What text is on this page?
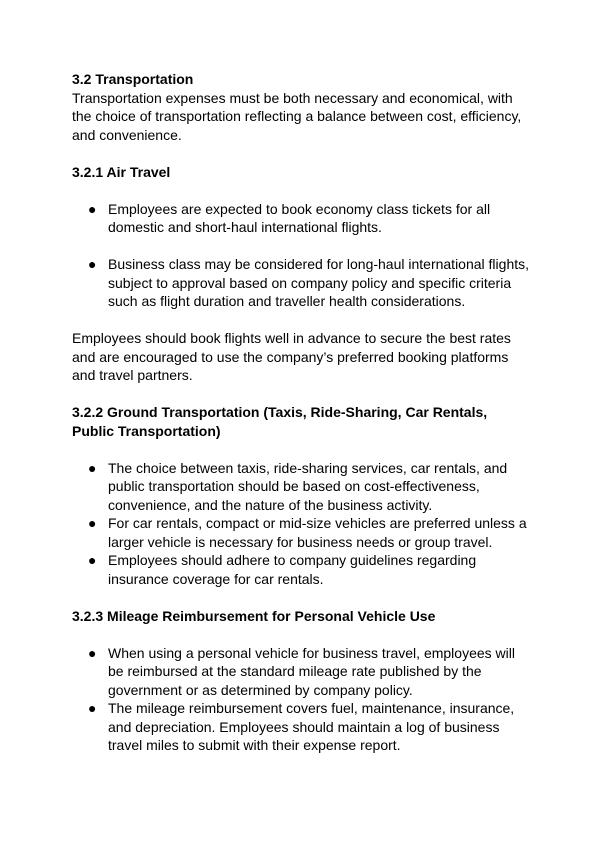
3.2 Transportation

Transportation expenses must be both necessary and economical, with the choice of transportation reflecting a balance between cost, efficiency, and convenience.

3.2.1 Air Travel
● Employees are expected to book economy class tickets for all domestic and short-haul international flights.
● Business class may be considered for long-haul international flights, subject to approval based on company policy and specific criteria such as flight duration and traveller health considerations.

Employees should book flights well in advance to secure the best rates and are encouraged to use the company’s preferred booking platforms and travel partners.

3.2.2 Ground Transportation (Taxis, Ride-Sharing, Car Rentals, Public Transportation)
● The choice between taxis, ride-sharing services, car rentals, and public transportation should be based on cost-effectiveness, convenience, and the nature of the business activity.
● For car rentals, compact or mid-size vehicles are preferred unless a larger vehicle is necessary for business needs or group travel.
● Employees should adhere to company guidelines regarding insurance coverage for car rentals.
3.2.3 Mileage Reimbursement for Personal Vehicle Use
● When using a personal vehicle for business travel, employees will be reimbursed at the standard mileage rate published by the government or as determined by company policy.
● The mileage reimbursement covers fuel, maintenance, insurance, and depreciation. Employees should maintain a log of business travel miles to submit with their expense report.
